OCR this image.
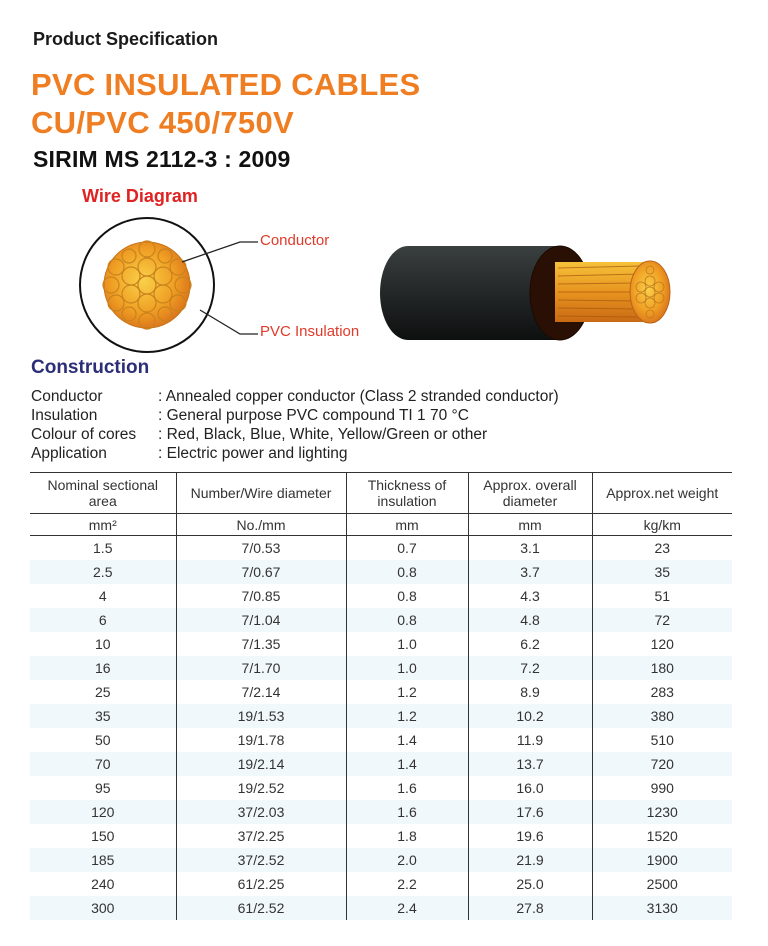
Product Specification
PVC INSULATED CABLES
CU/PVC 450/750V
SIRIM MS 2112-3 : 2009
Wire Diagram
Conductor
PVC Insulation
Construction
Conductor	: Annealed copper conductor (Class 2 stranded conductor)
Insulation	: General purpose PVC compound TI 1 70 °C
Colour of cores : Red, Black, Blue, White, Yellow/Green or other
Application	: Electric power and lighting
Nominal sectional area	Number/Wire diameter	Thickness of insulation	Approx. overall diameter	Approx.net weight
mm²	No./mm	mm	mm	kg/km
1.5	7/0.53	0.7	3.1	23
2.5	7/0.67	0.8	3.7	35
4	7/0.85	0.8	4.3	51
6	7/1.04	0.8	4.8	72
10	7/1.35	1.0	6.2	120
16	7/1.70	1.0	7.2	180
25	7/2.14	1.2	8.9	283
35	19/1.53	1.2	10.2	380
50	19/1.78	1.4	11.9	510
70	19/2.14	1.4	13.7	720
95	19/2.52	1.6	16.0	990
120	37/2.03	1.6	17.6	1230
150	37/2.25	1.8	19.6	1520
185	37/2.52	2.0	21.9	1900
240	61/2.25	2.2	25.0	2500
300	61/2.52	2.4	27.8	3130
